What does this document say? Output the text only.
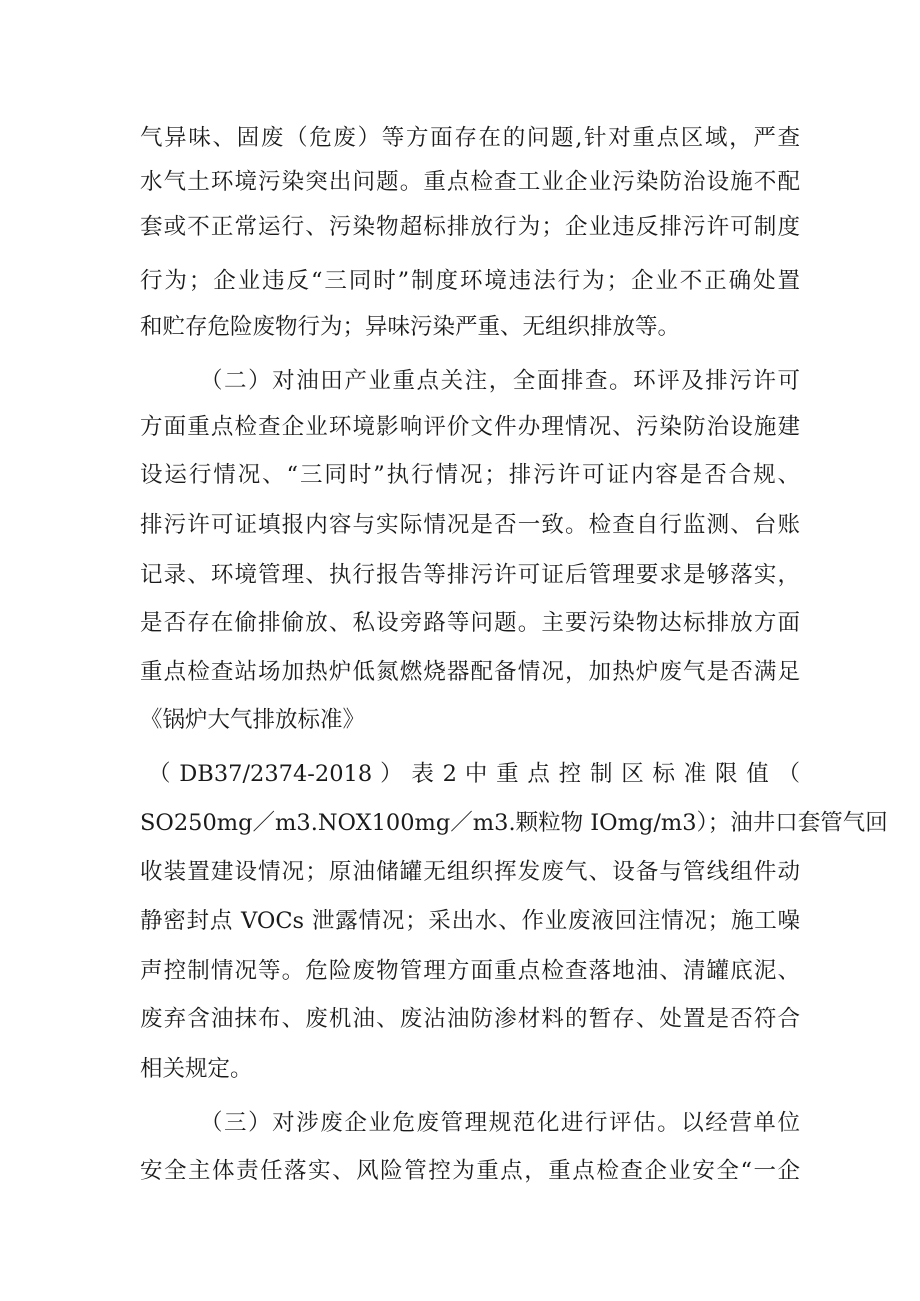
气异味、固废（危废）等方面存在的问题,针对重点区域，严查
水气土环境污染突出问题。重点检查工业企业污染防治设施不配
套或不正常运行、污染物超标排放行为；企业违反排污许可制度
行为；企业违反“三同时”制度环境违法行为；企业不正确处置
和贮存危险废物行为；异味污染严重、无组织排放等。
（二）对油田产业重点关注，全面排查。环评及排污许可
方面重点检查企业环境影响评价文件办理情况、污染防治设施建
设运行情况、“三同时”执行情况；排污许可证内容是否合规、
排污许可证填报内容与实际情况是否一致。检查自行监测、台账
记录、环境管理、执行报告等排污许可证后管理要求是够落实，
是否存在偷排偷放、私设旁路等问题。主要污染物达标排放方面
重点检查站场加热炉低氮燃烧器配备情况，加热炉废气是否满足
《锅炉大气排放标准》
（ DB37/2374-2018 ） 表 2 中 重 点 控 制 区 标 准 限 值 （
SO250mg／m3.NOX100mg／m3.颗粒物 IOmg/m3）；油井口套管气回
收装置建设情况；原油储罐无组织挥发废气、设备与管线组件动
静密封点 VOCs 泄露情况；采出水、作业废液回注情况；施工噪
声控制情况等。危险废物管理方面重点检查落地油、清罐底泥、
废弃含油抹布、废机油、废沾油防渗材料的暂存、处置是否符合
相关规定。
（三）对涉废企业危废管理规范化进行评估。以经营单位
安全主体责任落实、风险管控为重点，重点检查企业安全“一企
